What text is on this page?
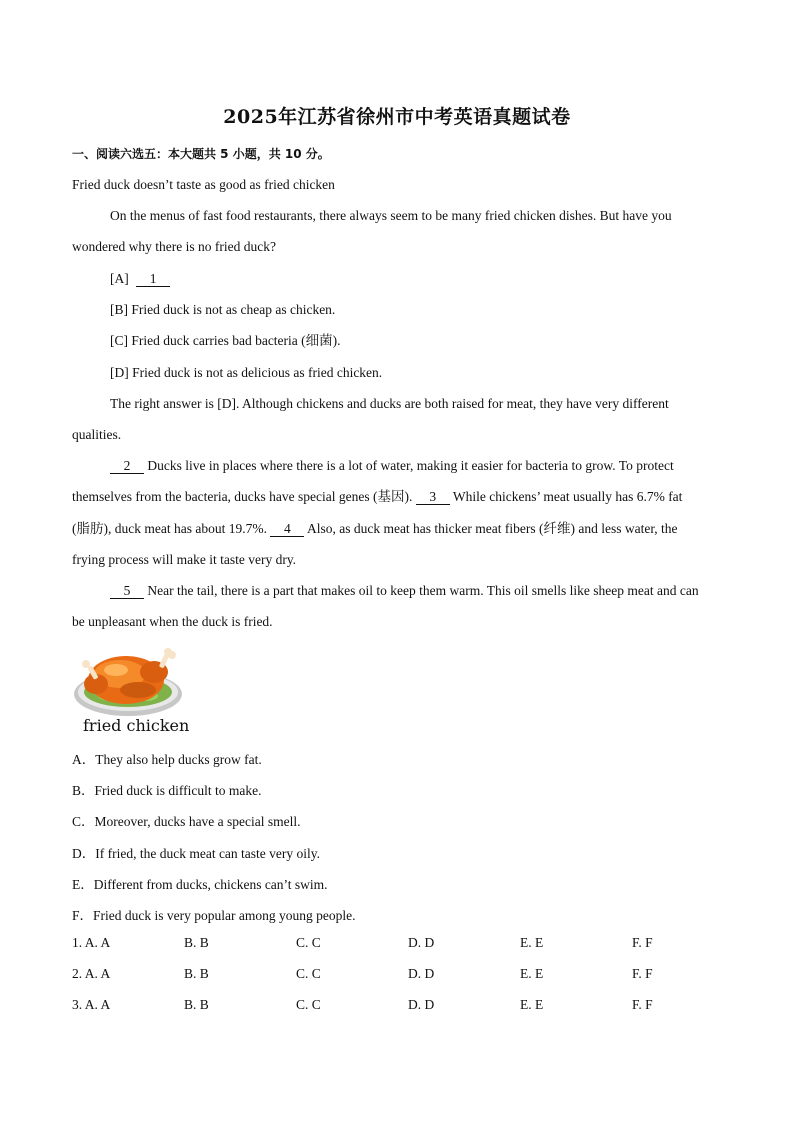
2025年江苏省徐州市中考英语真题试卷
一、阅读六选五：本大题共 5 小题，共 10 分。
Fried duck doesn’t taste as good as fried chicken
On the menus of fast food restaurants, there always seem to be many fried chicken dishes. But have you
wondered why there is no fried duck?
[A] 1
[B] Fried duck is not as cheap as chicken.
[C] Fried duck carries bad bacteria (细菌).
[D] Fried duck is not as delicious as fried chicken.
The right answer is [D]. Although chickens and ducks are both raised for meat, they have very different
qualities.
2 Ducks live in places where there is a lot of water, making it easier for bacteria to grow. To protect
themselves from the bacteria, ducks have special genes (基因). 3 While chickens’ meat usually has 6.7% fat
(脂肪), duck meat has about 19.7%. 4 Also, as duck meat has thicker meat fibers (纤维) and less water, the
frying process will make it taste very dry.
5 Near the tail, there is a part that makes oil to keep them warm. This oil smells like sheep meat and can
be unpleasant when the duck is fried.
fried chicken
A．They also help ducks grow fat.
B．Fried duck is difficult to make.
C．Moreover, ducks have a special smell.
D．If fried, the duck meat can taste very oily.
E．Different from ducks, chickens can’t swim.
F．Fried duck is very popular among young people.
1. A. A	B. B	C. C	D. D	E. E	F. F
2. A. A	B. B	C. C	D. D	E. E	F. F
3. A. A	B. B	C. C	D. D	E. E	F. F
